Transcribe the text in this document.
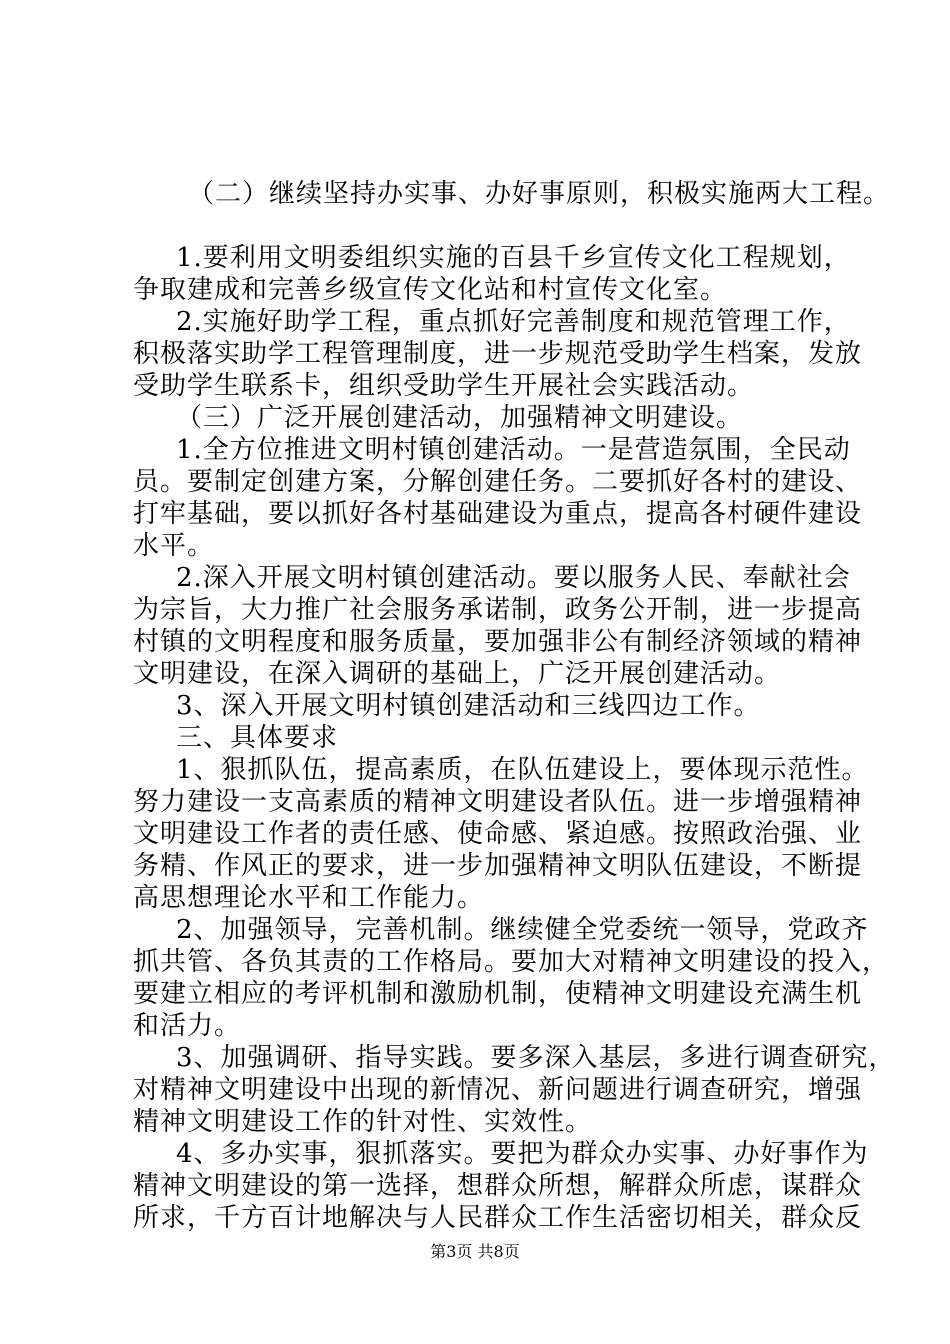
（二）继续坚持办实事、办好事原则，积极实施两大工程。
1.要利用文明委组织实施的百县千乡宣传文化工程规划，
争取建成和完善乡级宣传文化站和村宣传文化室。
2.实施好助学工程，重点抓好完善制度和规范管理工作，
积极落实助学工程管理制度，进一步规范受助学生档案，发放
受助学生联系卡，组织受助学生开展社会实践活动。
（三）广泛开展创建活动，加强精神文明建设。
1.全方位推进文明村镇创建活动。一是营造氛围，全民动
员。要制定创建方案，分解创建任务。二要抓好各村的建设、
打牢基础，要以抓好各村基础建设为重点，提高各村硬件建设
水平。
2.深入开展文明村镇创建活动。要以服务人民、奉献社会
为宗旨，大力推广社会服务承诺制，政务公开制，进一步提高
村镇的文明程度和服务质量，要加强非公有制经济领域的精神
文明建设，在深入调研的基础上，广泛开展创建活动。
3、深入开展文明村镇创建活动和三线四边工作。
三、具体要求
1、狠抓队伍，提高素质，在队伍建设上，要体现示范性。
努力建设一支高素质的精神文明建设者队伍。进一步增强精神
文明建设工作者的责任感、使命感、紧迫感。按照政治强、业
务精、作风正的要求，进一步加强精神文明队伍建设，不断提
高思想理论水平和工作能力。
2、加强领导，完善机制。继续健全党委统一领导，党政齐
抓共管、各负其责的工作格局。要加大对精神文明建设的投入，
要建立相应的考评机制和激励机制，使精神文明建设充满生机
和活力。
3、加强调研、指导实践。要多深入基层，多进行调查研究，
对精神文明建设中出现的新情况、新问题进行调查研究，增强
精神文明建设工作的针对性、实效性。
4、多办实事，狠抓落实。要把为群众办实事、办好事作为
精神文明建设的第一选择，想群众所想，解群众所虑，谋群众
所求，千方百计地解决与人民群众工作生活密切相关，群众反
第3页 共8页
